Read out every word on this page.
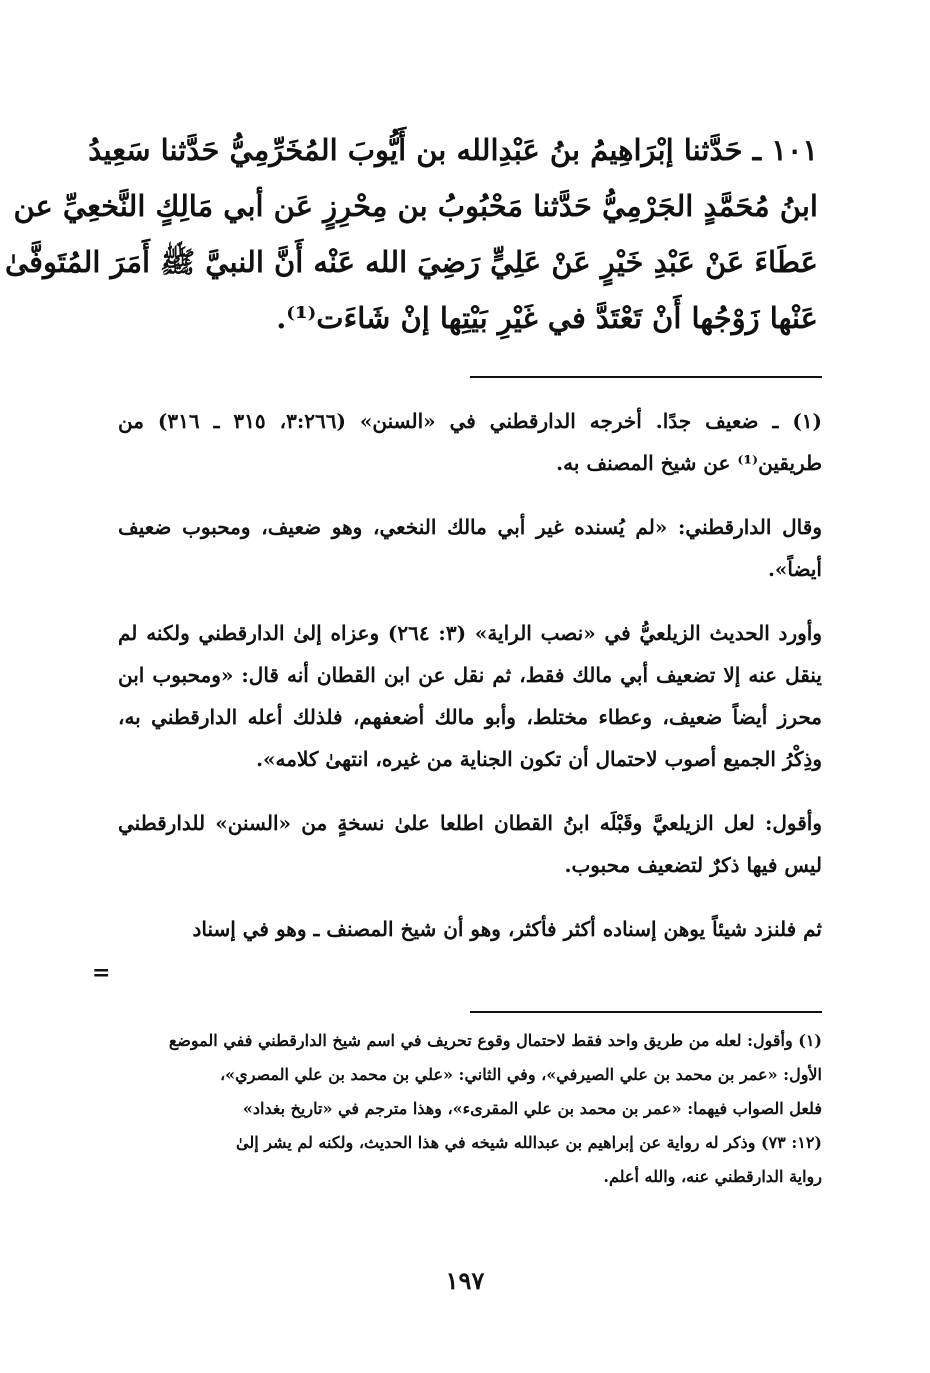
١٠١ ـ حَدَّثنا إبْرَاهِيمُ بنُ عَبْدِالله بن أَيُّوبَ المُخَرِّمِيُّ حَدَّثنا سَعِيدُ
ابنُ مُحَمَّدٍ الجَرْمِيُّ حَدَّثنا مَحْبُوبُ بن مِحْرِزٍ عَن أبي مَالِكٍ النَّخعِيِّ عن
عَطَاءَ عَنْ عَبْدِ خَيْرٍ عَنْ عَلِيٍّ رَضِيَ الله عَنْه أَنَّ النبيَّ ﷺ أَمَرَ المُتَوفَّىٰ
عَنْها زَوْجُها أَنْ تَعْتَدَّ في غَيْرِ بَيْتِها إنْ شَاءَت⁽¹⁾.

(١) ـ ضعيف جدًا. أخرجه الدارقطني في «السنن» (٣:٢٦٦، ٣١٥ ـ ٣١٦) من طريقين⁽¹⁾ عن شيخ المصنف به.

وقال الدارقطني: «لم يُسنده غير أبي مالك النخعي، وهو ضعيف، ومحبوب ضعيف أيضاً».

وأورد الحديث الزيلعيُّ في «نصب الراية» (٣: ٢٦٤) وعزاه إلىٰ الدارقطني ولكنه لم ينقل عنه إلا تضعيف أبي مالك فقط، ثم نقل عن ابن القطان أنه قال: «ومحبوب ابن محرز أيضاً ضعيف، وعطاء مختلط، وأبو مالك أضعفهم، فلذلك أعله الدارقطني به، وذِكْرُ الجميع أصوب لاحتمال أن تكون الجناية من غيره، انتهىٰ كلامه».

وأقول: لعل الزيلعيَّ وقَبْلَه ابنُ القطان اطلعا علىٰ نسخةٍ من «السنن» للدارقطني ليس فيها ذكرٌ لتضعيف محبوب.

ثم فلنزد شيئاً يوهن إسناده أكثر فأكثر، وهو أن شيخ المصنف ـ وهو في إسناد

=
(١) وأقول: لعله من طريق واحد فقط لاحتمال وقوع تحريف في اسم شيخ الدارقطني ففي الموضع
الأول: «عمر بن محمد بن علي الصيرفي»، وفي الثاني: «علي بن محمد بن علي المصري»،
فلعل الصواب فيهما: «عمر بن محمد بن علي المقرىء»، وهذا مترجم في «تاريخ بغداد»
(١٢: ٧٣) وذكر له رواية عن إبراهيم بن عبدالله شيخه في هذا الحديث، ولكنه لم يشر إلىٰ
رواية الدارقطني عنه، والله أعلم.
١٩٧
